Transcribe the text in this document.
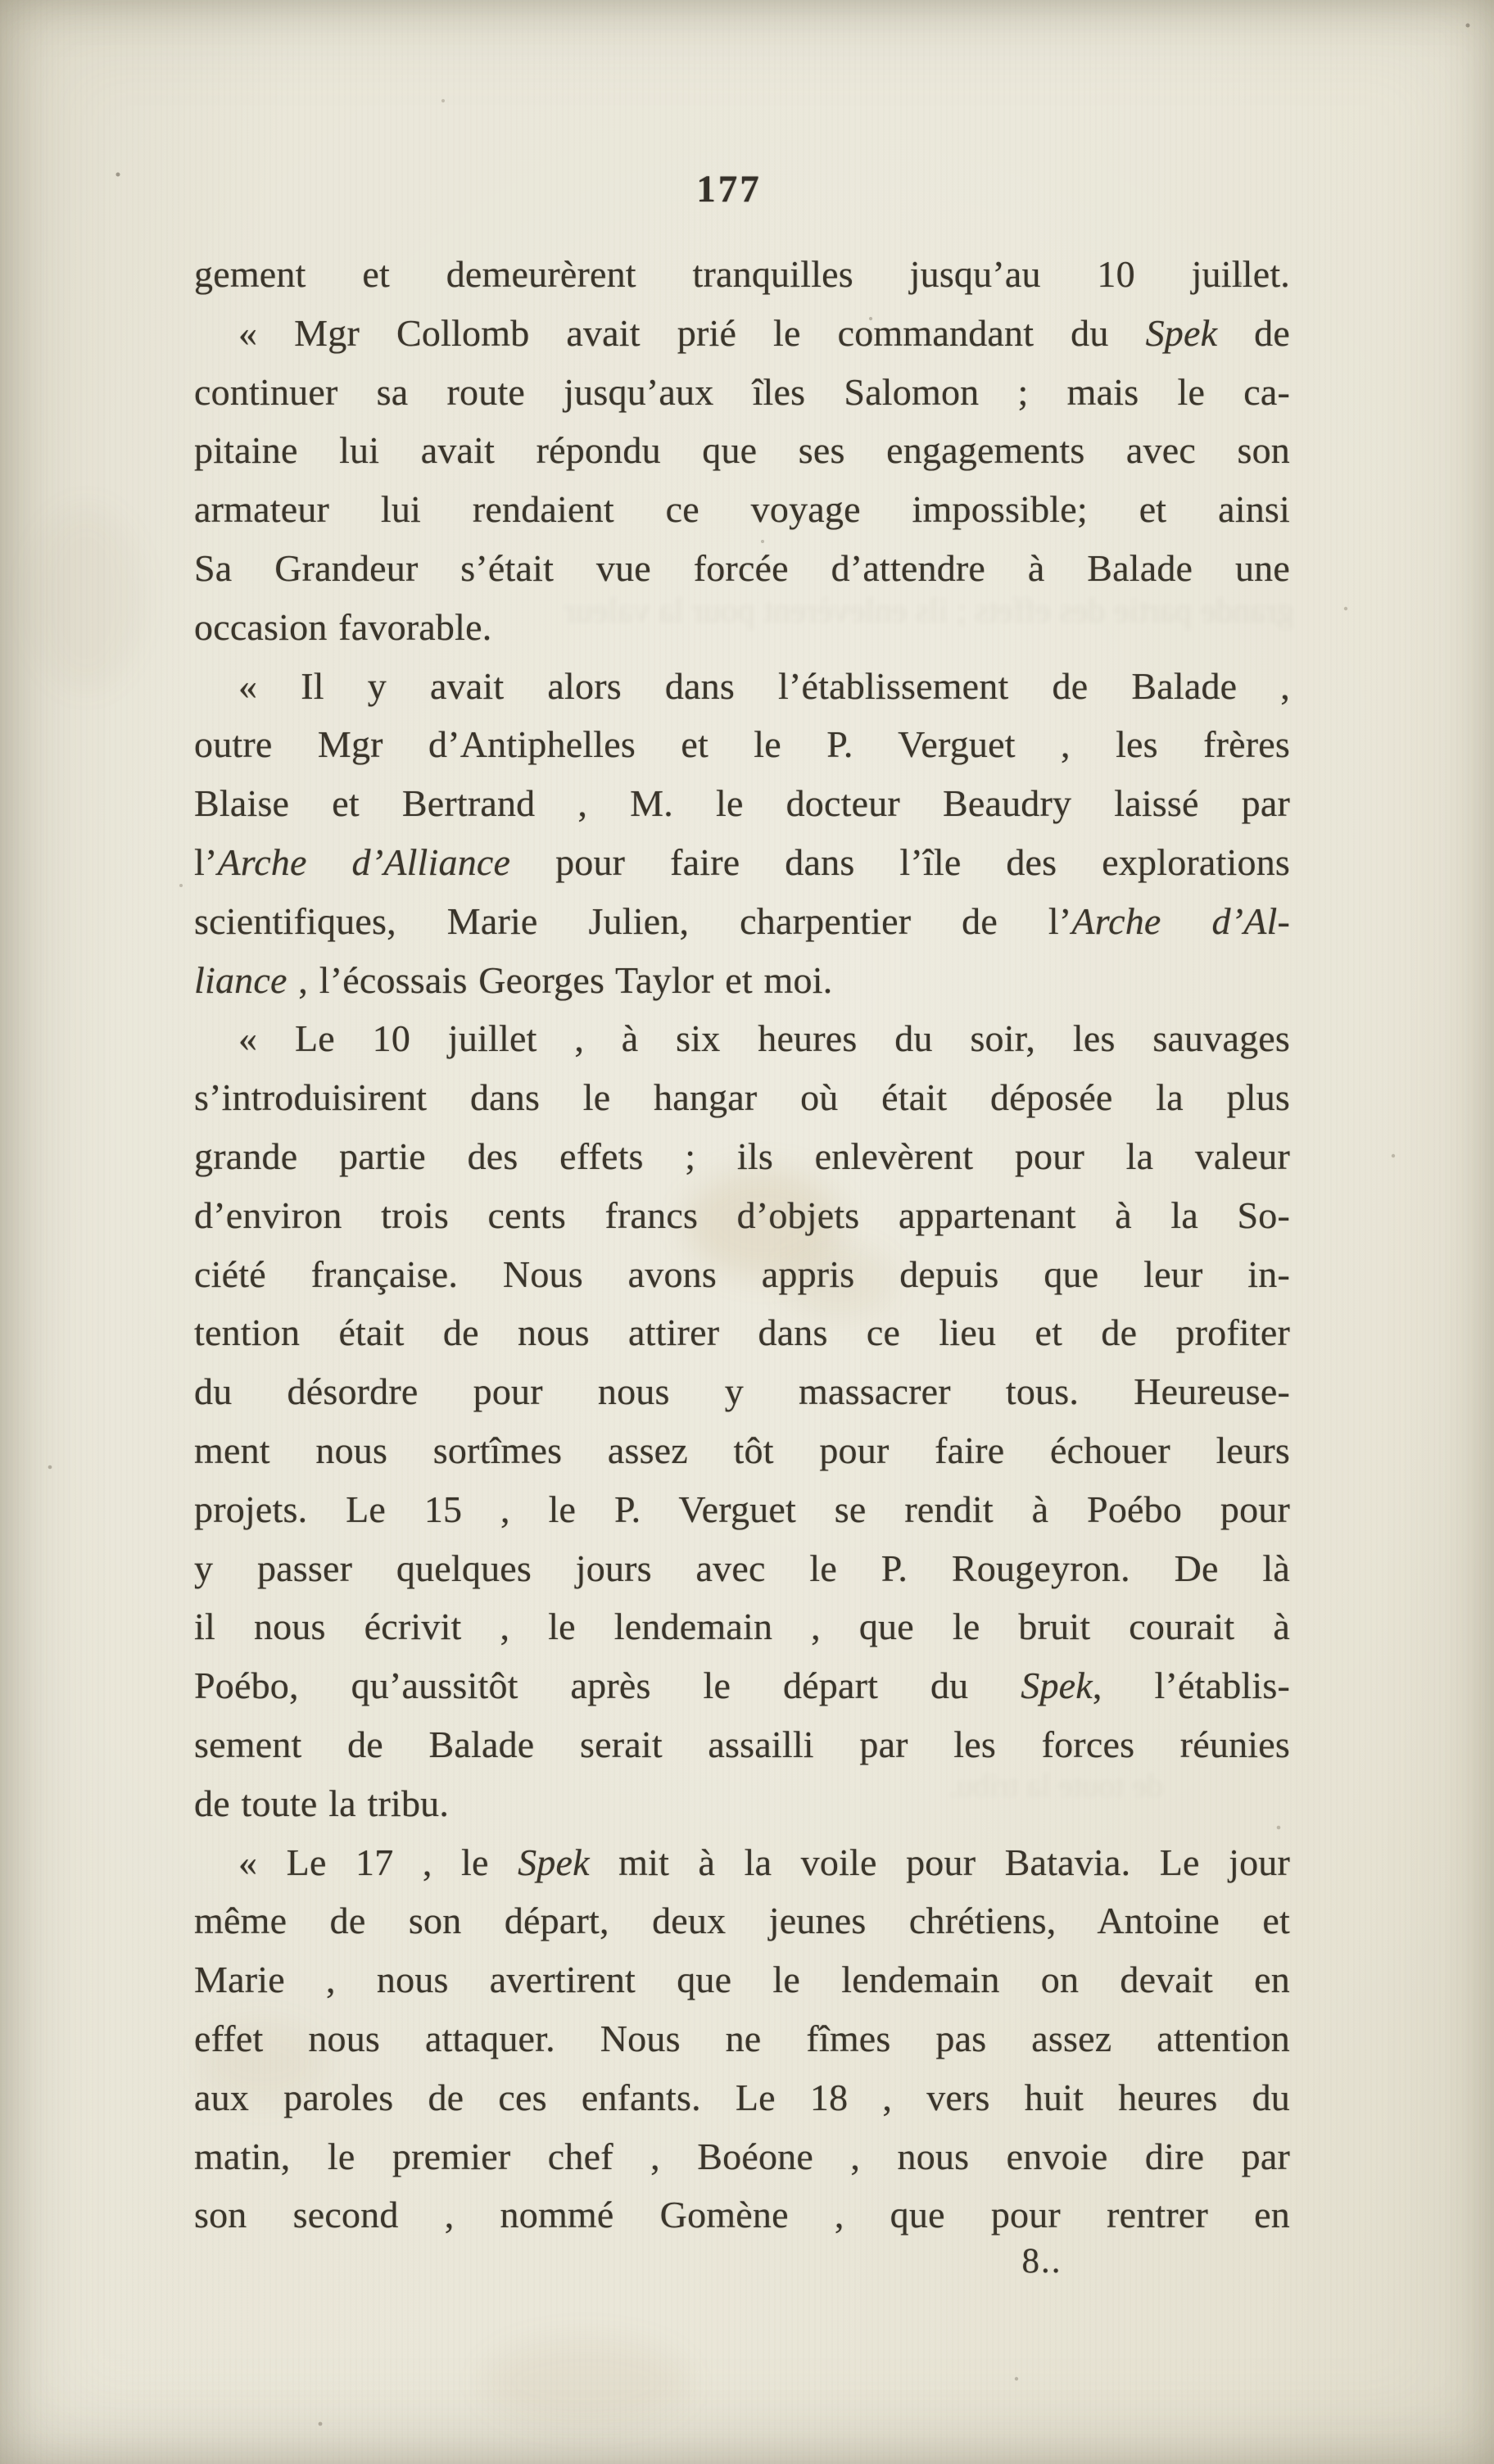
grande partie des effets ; ils enlevèrent pour la valeur
de toute la tribu.
177
gement et demeurèrent tranquilles jusqu’au 10 juillet.
« Mgr Collomb avait prié le commandant du Spek de
continuer sa route jusqu’aux îles Salomon ; mais le ca-
pitaine lui avait répondu que ses engagements avec son
armateur lui rendaient ce voyage impossible; et ainsi
Sa Grandeur s’était vue forcée d’attendre à Balade une
occasion favorable.
« Il y avait alors dans l’établissement de Balade ,
outre Mgr d’Antiphelles et le P. Verguet , les frères
Blaise et Bertrand , M. le docteur Beaudry laissé par
l’Arche d’Alliance pour faire dans l’île des explorations
scientifiques, Marie Julien, charpentier de l’Arche d’Al-
liance , l’écossais Georges Taylor et moi.
« Le 10 juillet , à six heures du soir, les sauvages
s’introduisirent dans le hangar où était déposée la plus
grande partie des effets ; ils enlevèrent pour la valeur
d’environ trois cents francs d’objets appartenant à la So-
ciété française. Nous avons appris depuis que leur in-
tention était de nous attirer dans ce lieu et de profiter
du désordre pour nous y massacrer tous. Heureuse-
ment nous sortîmes assez tôt pour faire échouer leurs
projets. Le 15 , le P. Verguet se rendit à Poébo pour
y passer quelques jours avec le P. Rougeyron. De là
il nous écrivit , le lendemain , que le bruit courait à
Poébo, qu’aussitôt après le départ du Spek, l’établis-
sement de Balade serait assailli par les forces réunies
de toute la tribu.
« Le 17 , le Spek mit à la voile pour Batavia. Le jour
même de son départ, deux jeunes chrétiens, Antoine et
Marie , nous avertirent que le lendemain on devait en
effet nous attaquer. Nous ne fîmes pas assez attention
aux paroles de ces enfants. Le 18 , vers huit heures du
matin, le premier chef , Boéone , nous envoie dire par
son second , nommé Gomène , que pour rentrer en
8..
